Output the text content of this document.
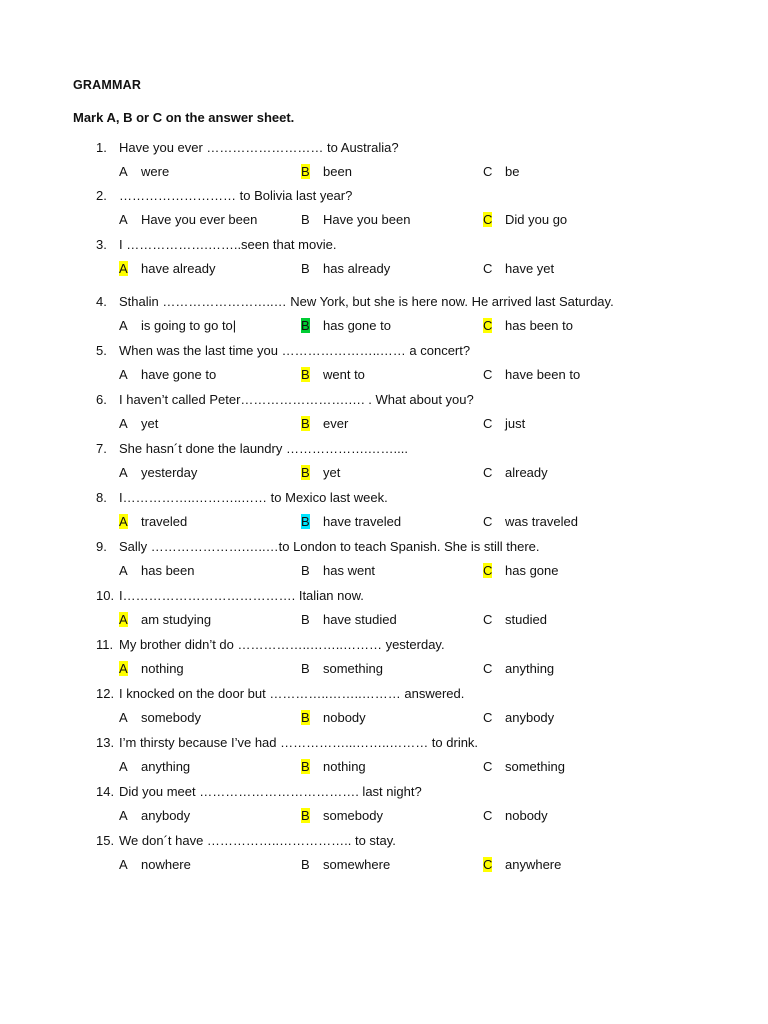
GRAMMAR
Mark A, B or C on the answer sheet.
1. Have you ever ……………………… to Australia?
A were	B been	C be
2. ……………………… to Bolivia last year?
A Have you ever been	B Have you been	C Did you go
3. I ……………….……..seen that movie.
A have already	B has already	C have yet
4. Sthalin ……………………..… New York, but she is here now. He arrived last Saturday.
A is going to go to|	B has gone to	C has been to
5. When was the last time you …………………..…… a concert?
A have gone to	B went to	C have been to
6. I haven’t called Peter…………………….…. . What about you?
A yet	B ever	C just
7. She hasn´t done the laundry ……………….……....
A yesterday	B yet	C already
8. I……………..………..…… to Mexico last week.
A traveled	B have traveled	C was traveled
9. Sally ………………….…..…to London to teach Spanish. She is still there.
A has been	B has went	C has gone
10. I…………………………………. Italian now.
A am studying	B have studied	C studied
11. My brother didn’t do ……………..……..……… yesterday.
A nothing	B something	C anything
12. I knocked on the door but …………..……..……… answered.
A somebody	B nobody	C anybody
13. I’m thirsty because I’ve had ……………...……..……… to drink.
A anything	B nothing	C something
14. Did you meet ………………………………. last night?
A anybody	B somebody	C nobody
15. We don´t have ……………..…………….. to stay.
A nowhere	B somewhere	C anywhere
